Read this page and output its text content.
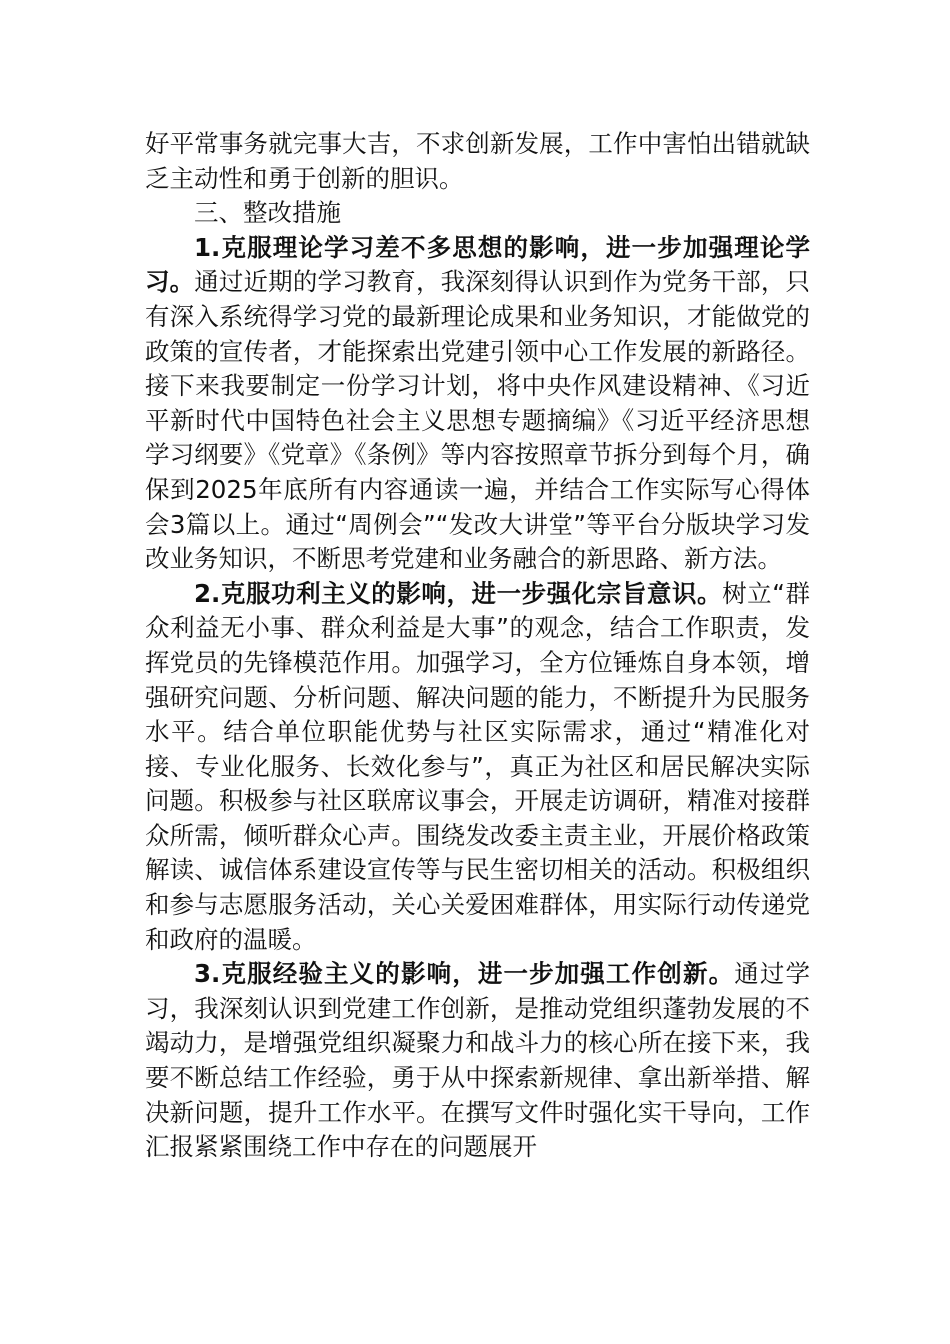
好平常事务就完事大吉，不求创新发展，工作中害怕出错就缺乏主动性和勇于创新的胆识。

三、整改措施

1.克服理论学习差不多思想的影响，进一步加强理论学习。通过近期的学习教育，我深刻得认识到作为党务干部，只有深入系统得学习党的最新理论成果和业务知识，才能做党的政策的宣传者，才能探索出党建引领中心工作发展的新路径。接下来我要制定一份学习计划，将中央作风建设精神、《习近平新时代中国特色社会主义思想专题摘编》《习近平经济思想学习纲要》《党章》《条例》等内容按照章节拆分到每个月，确保到2025年底所有内容通读一遍，并结合工作实际写心得体会3篇以上。通过“周例会”“发改大讲堂”等平台分版块学习发改业务知识，不断思考党建和业务融合的新思路、新方法。

2.克服功利主义的影响，进一步强化宗旨意识。树立“群众利益无小事、群众利益是大事”的观念，结合工作职责，发挥党员的先锋模范作用。加强学习，全方位锤炼自身本领，增强研究问题、分析问题、解决问题的能力，不断提升为民服务水平。结合单位职能优势与社区实际需求，通过“精准化对接、专业化服务、长效化参与”，真正为社区和居民解决实际问题。积极参与社区联席议事会，开展走访调研，精准对接群众所需，倾听群众心声。围绕发改委主责主业，开展价格政策解读、诚信体系建设宣传等与民生密切相关的活动。积极组织和参与志愿服务活动，关心关爱困难群体，用实际行动传递党和政府的温暖。

3.克服经验主义的影响，进一步加强工作创新。通过学习，我深刻认识到党建工作创新，是推动党组织蓬勃发展的不竭动力，是增强党组织凝聚力和战斗力的核心所在接下来，我要不断总结工作经验，勇于从中探索新规律、拿出新举措、解决新问题，提升工作水平。在撰写文件时强化实干导向，工作汇报紧紧围绕工作中存在的问题展开
